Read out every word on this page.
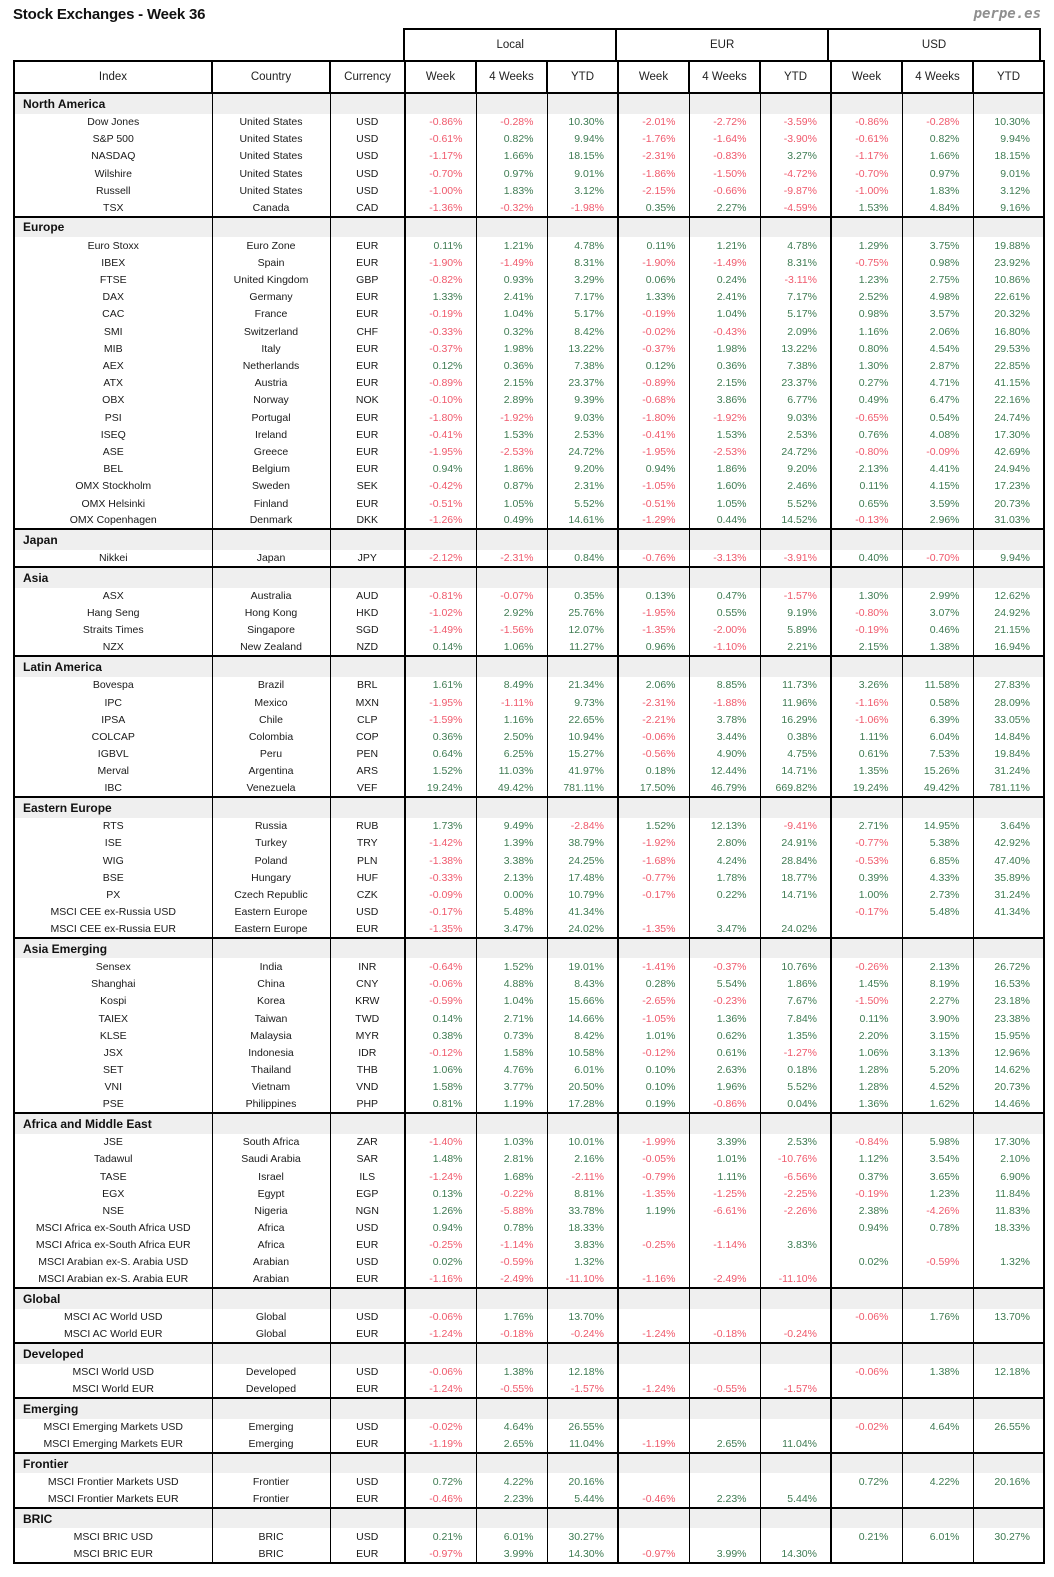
Stock Exchanges - Week 36	perpe.es
Local	EUR	USD
Index	Country	Currency	Week	4 Weeks	YTD	Week	4 Weeks	YTD	Week	4 Weeks	YTD
North America											
Dow Jones	United States	USD	-0.86%	-0.28%	10.30%	-2.01%	-2.72%	-3.59%	-0.86%	-0.28%	10.30%
S&P 500	United States	USD	-0.61%	0.82%	9.94%	-1.76%	-1.64%	-3.90%	-0.61%	0.82%	9.94%
NASDAQ	United States	USD	-1.17%	1.66%	18.15%	-2.31%	-0.83%	3.27%	-1.17%	1.66%	18.15%
Wilshire	United States	USD	-0.70%	0.97%	9.01%	-1.86%	-1.50%	-4.72%	-0.70%	0.97%	9.01%
Russell	United States	USD	-1.00%	1.83%	3.12%	-2.15%	-0.66%	-9.87%	-1.00%	1.83%	3.12%
TSX	Canada	CAD	-1.36%	-0.32%	-1.98%	0.35%	2.27%	-4.59%	1.53%	4.84%	9.16%
Europe											
Euro Stoxx	Euro Zone	EUR	0.11%	1.21%	4.78%	0.11%	1.21%	4.78%	1.29%	3.75%	19.88%
IBEX	Spain	EUR	-1.90%	-1.49%	8.31%	-1.90%	-1.49%	8.31%	-0.75%	0.98%	23.92%
FTSE	United Kingdom	GBP	-0.82%	0.93%	3.29%	0.06%	0.24%	-3.11%	1.23%	2.75%	10.86%
DAX	Germany	EUR	1.33%	2.41%	7.17%	1.33%	2.41%	7.17%	2.52%	4.98%	22.61%
CAC	France	EUR	-0.19%	1.04%	5.17%	-0.19%	1.04%	5.17%	0.98%	3.57%	20.32%
SMI	Switzerland	CHF	-0.33%	0.32%	8.42%	-0.02%	-0.43%	2.09%	1.16%	2.06%	16.80%
MIB	Italy	EUR	-0.37%	1.98%	13.22%	-0.37%	1.98%	13.22%	0.80%	4.54%	29.53%
AEX	Netherlands	EUR	0.12%	0.36%	7.38%	0.12%	0.36%	7.38%	1.30%	2.87%	22.85%
ATX	Austria	EUR	-0.89%	2.15%	23.37%	-0.89%	2.15%	23.37%	0.27%	4.71%	41.15%
OBX	Norway	NOK	-0.10%	2.89%	9.39%	-0.68%	3.86%	6.77%	0.49%	6.47%	22.16%
PSI	Portugal	EUR	-1.80%	-1.92%	9.03%	-1.80%	-1.92%	9.03%	-0.65%	0.54%	24.74%
ISEQ	Ireland	EUR	-0.41%	1.53%	2.53%	-0.41%	1.53%	2.53%	0.76%	4.08%	17.30%
ASE	Greece	EUR	-1.95%	-2.53%	24.72%	-1.95%	-2.53%	24.72%	-0.80%	-0.09%	42.69%
BEL	Belgium	EUR	0.94%	1.86%	9.20%	0.94%	1.86%	9.20%	2.13%	4.41%	24.94%
OMX Stockholm	Sweden	SEK	-0.42%	0.87%	2.31%	-1.05%	1.60%	2.46%	0.11%	4.15%	17.23%
OMX Helsinki	Finland	EUR	-0.51%	1.05%	5.52%	-0.51%	1.05%	5.52%	0.65%	3.59%	20.73%
OMX Copenhagen	Denmark	DKK	-1.26%	0.49%	14.61%	-1.29%	0.44%	14.52%	-0.13%	2.96%	31.03%
Japan											
Nikkei	Japan	JPY	-2.12%	-2.31%	0.84%	-0.76%	-3.13%	-3.91%	0.40%	-0.70%	9.94%
Asia											
ASX	Australia	AUD	-0.81%	-0.07%	0.35%	0.13%	0.47%	-1.57%	1.30%	2.99%	12.62%
Hang Seng	Hong Kong	HKD	-1.02%	2.92%	25.76%	-1.95%	0.55%	9.19%	-0.80%	3.07%	24.92%
Straits Times	Singapore	SGD	-1.49%	-1.56%	12.07%	-1.35%	-2.00%	5.89%	-0.19%	0.46%	21.15%
NZX	New Zealand	NZD	0.14%	1.06%	11.27%	0.96%	-1.10%	2.21%	2.15%	1.38%	16.94%
Latin America											
Bovespa	Brazil	BRL	1.61%	8.49%	21.34%	2.06%	8.85%	11.73%	3.26%	11.58%	27.83%
IPC	Mexico	MXN	-1.95%	-1.11%	9.73%	-2.31%	-1.88%	11.96%	-1.16%	0.58%	28.09%
IPSA	Chile	CLP	-1.59%	1.16%	22.65%	-2.21%	3.78%	16.29%	-1.06%	6.39%	33.05%
COLCAP	Colombia	COP	0.36%	2.50%	10.94%	-0.06%	3.44%	0.38%	1.11%	6.04%	14.84%
IGBVL	Peru	PEN	0.64%	6.25%	15.27%	-0.56%	4.90%	4.75%	0.61%	7.53%	19.84%
Merval	Argentina	ARS	1.52%	11.03%	41.97%	0.18%	12.44%	14.71%	1.35%	15.26%	31.24%
IBC	Venezuela	VEF	19.24%	49.42%	781.11%	17.50%	46.79%	669.82%	19.24%	49.42%	781.11%
Eastern Europe											
RTS	Russia	RUB	1.73%	9.49%	-2.84%	1.52%	12.13%	-9.41%	2.71%	14.95%	3.64%
ISE	Turkey	TRY	-1.42%	1.39%	38.79%	-1.92%	2.80%	24.91%	-0.77%	5.38%	42.92%
WIG	Poland	PLN	-1.38%	3.38%	24.25%	-1.68%	4.24%	28.84%	-0.53%	6.85%	47.40%
BSE	Hungary	HUF	-0.33%	2.13%	17.48%	-0.77%	1.78%	18.77%	0.39%	4.33%	35.89%
PX	Czech Republic	CZK	-0.09%	0.00%	10.79%	-0.17%	0.22%	14.71%	1.00%	2.73%	31.24%
MSCI CEE ex-Russia USD	Eastern Europe	USD	-0.17%	5.48%	41.34%				-0.17%	5.48%	41.34%
MSCI CEE ex-Russia EUR	Eastern Europe	EUR	-1.35%	3.47%	24.02%	-1.35%	3.47%	24.02%			
Asia Emerging											
Sensex	India	INR	-0.64%	1.52%	19.01%	-1.41%	-0.37%	10.76%	-0.26%	2.13%	26.72%
Shanghai	China	CNY	-0.06%	4.88%	8.43%	0.28%	5.54%	1.86%	1.45%	8.19%	16.53%
Kospi	Korea	KRW	-0.59%	1.04%	15.66%	-2.65%	-0.23%	7.67%	-1.50%	2.27%	23.18%
TAIEX	Taiwan	TWD	0.14%	2.71%	14.66%	-1.05%	1.36%	7.84%	0.11%	3.90%	23.38%
KLSE	Malaysia	MYR	0.38%	0.73%	8.42%	1.01%	0.62%	1.35%	2.20%	3.15%	15.95%
JSX	Indonesia	IDR	-0.12%	1.58%	10.58%	-0.12%	0.61%	-1.27%	1.06%	3.13%	12.96%
SET	Thailand	THB	1.06%	4.76%	6.01%	0.10%	2.63%	0.18%	1.28%	5.20%	14.62%
VNI	Vietnam	VND	1.58%	3.77%	20.50%	0.10%	1.96%	5.52%	1.28%	4.52%	20.73%
PSE	Philippines	PHP	0.81%	1.19%	17.28%	0.19%	-0.86%	0.04%	1.36%	1.62%	14.46%
Africa and Middle East											
JSE	South Africa	ZAR	-1.40%	1.03%	10.01%	-1.99%	3.39%	2.53%	-0.84%	5.98%	17.30%
Tadawul	Saudi Arabia	SAR	1.48%	2.81%	2.16%	-0.05%	1.01%	-10.76%	1.12%	3.54%	2.10%
TASE	Israel	ILS	-1.24%	1.68%	-2.11%	-0.79%	1.11%	-6.56%	0.37%	3.65%	6.90%
EGX	Egypt	EGP	0.13%	-0.22%	8.81%	-1.35%	-1.25%	-2.25%	-0.19%	1.23%	11.84%
NSE	Nigeria	NGN	1.26%	-5.88%	33.78%	1.19%	-6.61%	-2.26%	2.38%	-4.26%	11.83%
MSCI Africa ex-South Africa USD	Africa	USD	0.94%	0.78%	18.33%				0.94%	0.78%	18.33%
MSCI Africa ex-South Africa EUR	Africa	EUR	-0.25%	-1.14%	3.83%	-0.25%	-1.14%	3.83%			
MSCI Arabian ex-S. Arabia USD	Arabian	USD	0.02%	-0.59%	1.32%				0.02%	-0.59%	1.32%
MSCI Arabian ex-S. Arabia EUR	Arabian	EUR	-1.16%	-2.49%	-11.10%	-1.16%	-2.49%	-11.10%			
Global											
MSCI AC World USD	Global	USD	-0.06%	1.76%	13.70%				-0.06%	1.76%	13.70%
MSCI AC World EUR	Global	EUR	-1.24%	-0.18%	-0.24%	-1.24%	-0.18%	-0.24%			
Developed											
MSCI World USD	Developed	USD	-0.06%	1.38%	12.18%				-0.06%	1.38%	12.18%
MSCI World EUR	Developed	EUR	-1.24%	-0.55%	-1.57%	-1.24%	-0.55%	-1.57%			
Emerging											
MSCI Emerging Markets USD	Emerging	USD	-0.02%	4.64%	26.55%				-0.02%	4.64%	26.55%
MSCI Emerging Markets EUR	Emerging	EUR	-1.19%	2.65%	11.04%	-1.19%	2.65%	11.04%			
Frontier											
MSCI Frontier Markets USD	Frontier	USD	0.72%	4.22%	20.16%				0.72%	4.22%	20.16%
MSCI Frontier Markets EUR	Frontier	EUR	-0.46%	2.23%	5.44%	-0.46%	2.23%	5.44%			
BRIC											
MSCI BRIC USD	BRIC	USD	0.21%	6.01%	30.27%				0.21%	6.01%	30.27%
MSCI BRIC EUR	BRIC	EUR	-0.97%	3.99%	14.30%	-0.97%	3.99%	14.30%			
